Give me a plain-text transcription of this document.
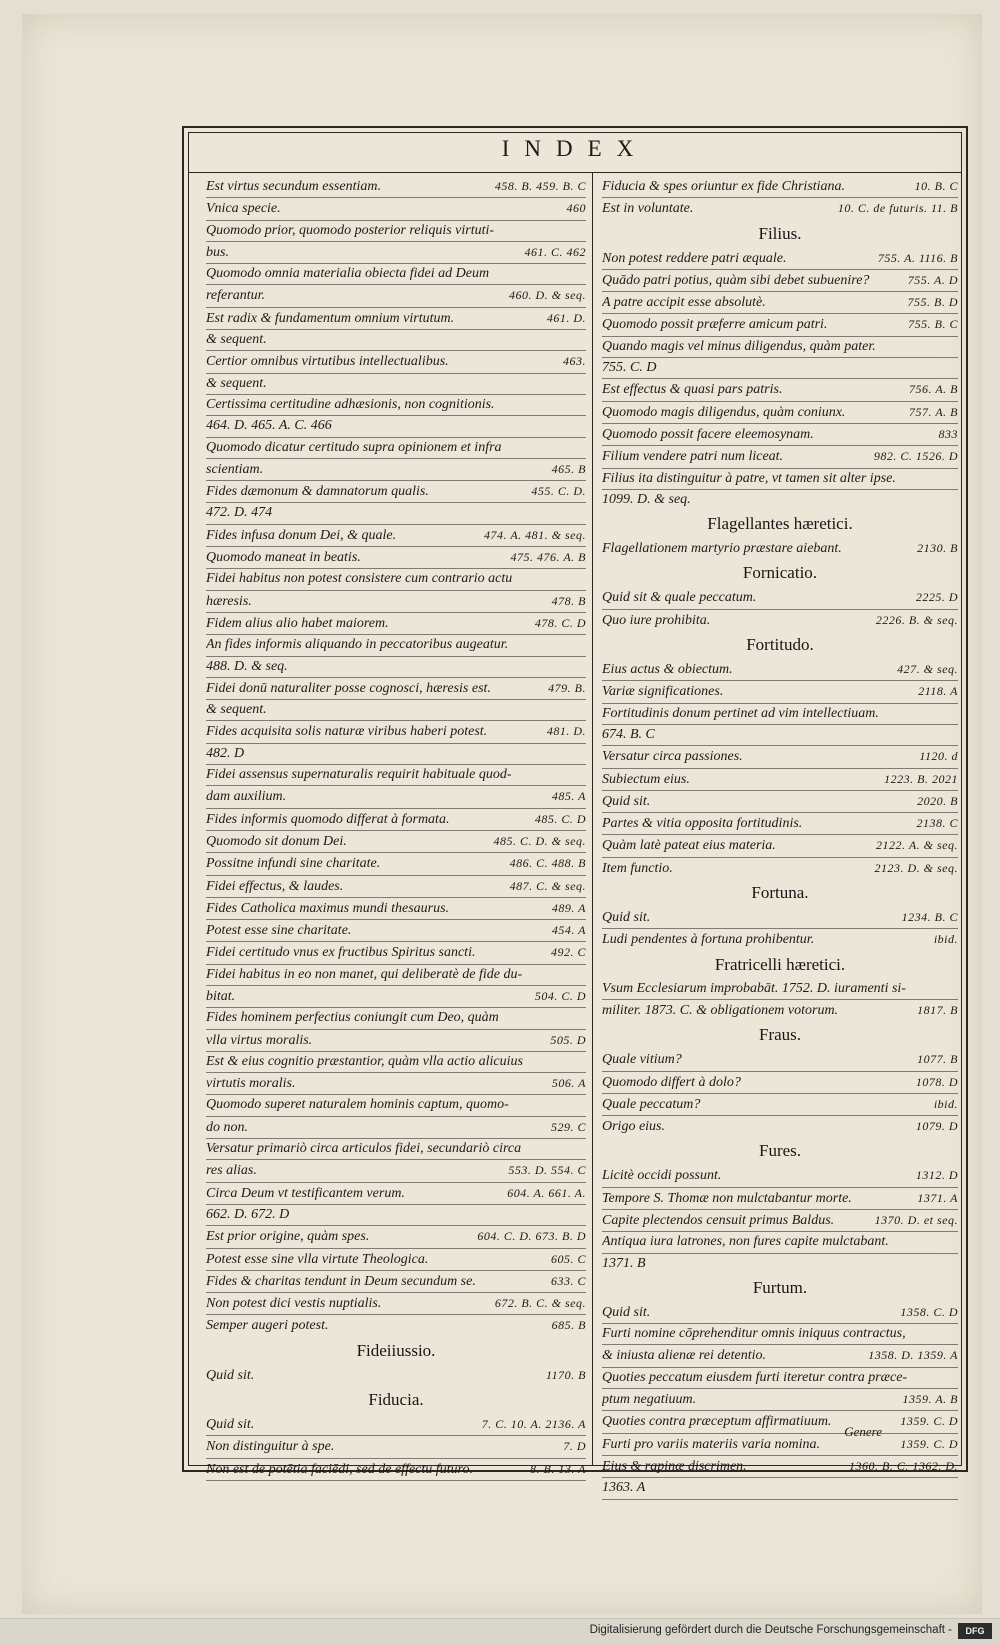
INDEX
Est virtus secundum essentiam.	458. B. 459. B. C
Vnica specie.	460
Quomodo prior, quomodo posterior reliquis virtuti-
bus.	461. C. 462
Quomodo omnia materialia obiecta fidei ad Deum
referantur.	460. D. & seq.
Est radix & fundamentum omnium virtutum.	461. D.
& sequent.
Certior omnibus virtutibus intellectualibus.	463.
& sequent.
Certissima certitudine adhæsionis, non cognitionis.
464. D. 465. A. C. 466
Quomodo dicatur certitudo supra opinionem et infra
scientiam.	465. B
Fides dæmonum & damnatorum qualis.	455. C. D.
472. D. 474
Fides infusa donum Dei, & quale.	474. A. 481. & seq.
Quomodo maneat in beatis.	475. 476. A. B
Fidei habitus non potest consistere cum contrario actu
hæresis.	478. B
Fidem alius alio habet maiorem.	478. C. D
An fides informis aliquando in peccatoribus augeatur.
488. D. & seq.
Fidei donū naturaliter posse cognosci, hæresis est.	479. B.
& sequent.
Fides acquisita solis naturæ viribus haberi potest.	481. D.
482. D
Fidei assensus supernaturalis requirit habituale quod-
dam auxilium.	485. A
Fides informis quomodo differat à formata.	485. C. D
Quomodo sit donum Dei.	485. C. D. & seq.
Possitne infundi sine charitate.	486. C. 488. B
Fidei effectus, & laudes.	487. C. & seq.
Fides Catholica maximus mundi thesaurus.	489. A
Potest esse sine charitate.	454. A
Fidei certitudo vnus ex fructibus Spiritus sancti.	492. C
Fidei habitus in eo non manet, qui deliberatè de fide du-
bitat.	504. C. D
Fides hominem perfectius coniungit cum Deo, quàm
vlla virtus moralis.	505. D
Est & eius cognitio præstantior, quàm vlla actio alicuius
virtutis moralis.	506. A
Quomodo superet naturalem hominis captum, quomo-
do non.	529. C
Versatur primariò circa articulos fidei, secundariò circa
res alias.	553. D. 554. C
Circa Deum vt testificantem verum.	604. A. 661. A.
662. D. 672. D
Est prior origine, quàm spes.	604. C. D. 673. B. D
Potest esse sine vlla virtute Theologica.	605. C
Fides & charitas tendunt in Deum secundum se.	633. C
Non potest dici vestis nuptialis.	672. B. C. & seq.
Semper augeri potest.	685. B
Fideiiussio.
Quid sit.	1170. B
Fiducia.
Quid sit.	7. C. 10. A. 2136. A
Non distinguitur à spe.	7. D
Non est de potētia faciēdi, sed de effectu futuro.	8. B. 13. A
Fiducia & spes oriuntur ex fide Christiana.	10. B. C
Est in voluntate.	10. C. de futuris. 11. B
Filius.
Non potest reddere patri æquale.	755. A. 1116. B
Quādo patri potius, quàm sibi debet subuenire?	755. A. D
A patre accipit esse absolutè.	755. B. D
Quomodo possit præferre amicum patri.	755. B. C
Quando magis vel minus diligendus, quàm pater.
755. C. D
Est effectus & quasi pars patris.	756. A. B
Quomodo magis diligendus, quàm coniunx.	757. A. B
Quomodo possit facere eleemosynam.	833
Filium vendere patri num liceat.	982. C. 1526. D
Filius ita distinguitur à patre, vt tamen sit alter ipse.
1099. D. & seq.
Flagellantes hæretici.
Flagellationem martyrio præstare aiebant.	2130. B
Fornicatio.
Quid sit & quale peccatum.	2225. D
Quo iure prohibita.	2226. B. & seq.
Fortitudo.
Eius actus & obiectum.	427. & seq.
Variæ significationes.	2118. A
Fortitudinis donum pertinet ad vim intellectiuam.
674. B. C
Versatur circa passiones.	1120. d
Subiectum eius.	1223. B. 2021
Quid sit.	2020. B
Partes & vitia opposita fortitudinis.	2138. C
Quàm latè pateat eius materia.	2122. A. & seq.
Item functio.	2123. D. & seq.
Fortuna.
Quid sit.	1234. B. C
Ludi pendentes à fortuna prohibentur.	ibid.
Fratricelli hæretici.
Vsum Ecclesiarum improbabāt. 1752. D. iuramenti si-
militer. 1873. C. & obligationem votorum.	1817. B
Fraus.
Quale vitium?	1077. B
Quomodo differt à dolo?	1078. D
Quale peccatum?	ibid.
Origo eius.	1079. D
Fures.
Licitè occidi possunt.	1312. D
Tempore S. Thomæ non mulctabantur morte.	1371. A
Capite plectendos censuit primus Baldus.	1370. D. et seq.
Antiqua iura latrones, non fures capite mulctabant.
1371. B
Furtum.
Quid sit.	1358. C. D
Furti nomine cōprehenditur omnis iniquus contractus,
& iniusta alienæ rei detentio.	1358. D. 1359. A
Quoties peccatum eiusdem furti iteretur contra præce-
ptum negatiuum.	1359. A. B
Quoties contra præceptum affirmatiuum.	1359. C. D
Furti pro variis materiis varia nomina.	1359. C. D
Eius & rapinæ discrimen.	1360. B. C. 1362. D.
1363. A
Genere
Digitalisierung gefördert durch die Deutsche Forschungsgemeinschaft -	DFG
